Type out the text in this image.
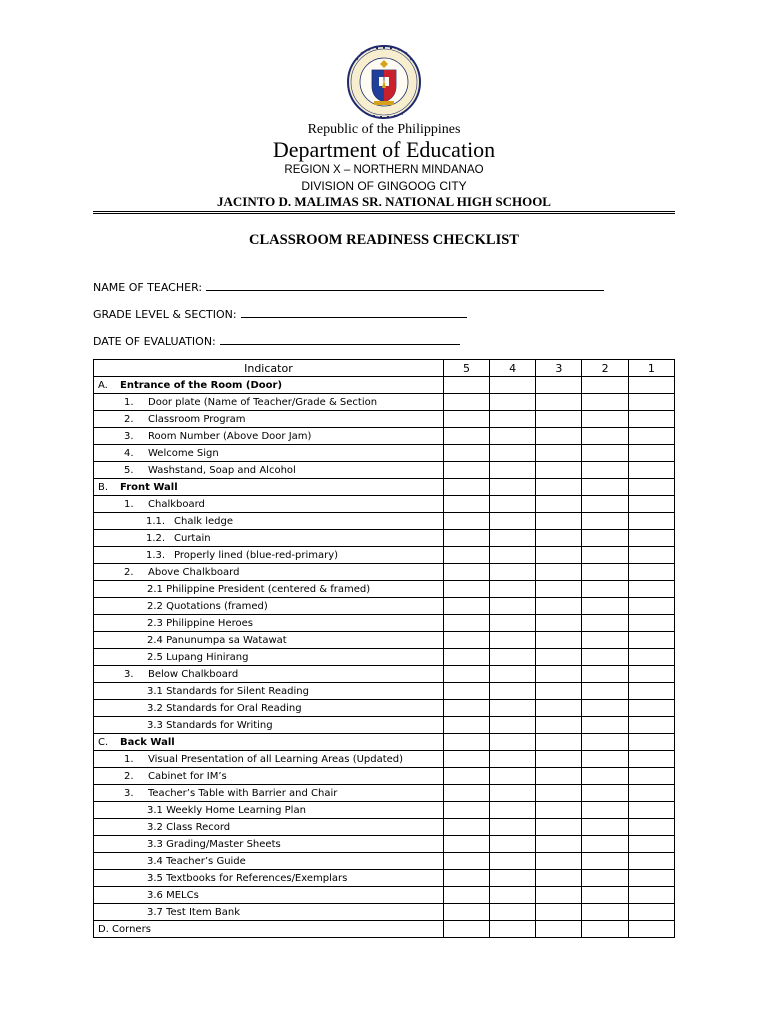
Republic of the Philippines
Department of Education
REGION X – NORTHERN MINDANAO
DIVISION OF GINGOOG CITY
JACINTO D. MALIMAS SR. NATIONAL HIGH SCHOOL
CLASSROOM READINESS CHECKLIST
NAME OF TEACHER:
GRADE LEVEL & SECTION:
DATE OF EVALUATION:
Indicator	5	4	3	2	1
A. Entrance of the Room (Door)					
1. Door plate (Name of Teacher/Grade & Section					
2. Classroom Program					
3. Room Number (Above Door Jam)					
4. Welcome Sign					
5. Washstand, Soap and Alcohol					
B. Front Wall					
1. Chalkboard					
1.1. Chalk ledge					
1.2. Curtain					
1.3. Properly lined (blue-red-primary)					
2. Above Chalkboard					
2.1 Philippine President (centered & framed)					
2.2 Quotations (framed)					
2.3 Philippine Heroes					
2.4 Panunumpa sa Watawat					
2.5 Lupang Hinirang					
3. Below Chalkboard					
3.1 Standards for Silent Reading					
3.2 Standards for Oral Reading					
3.3 Standards for Writing					
C. Back Wall					
1. Visual Presentation of all Learning Areas (Updated)					
2. Cabinet for IM’s					
3. Teacher’s Table with Barrier and Chair					
3.1 Weekly Home Learning Plan					
3.2 Class Record					
3.3 Grading/Master Sheets					
3.4 Teacher’s Guide					
3.5 Textbooks for References/Exemplars					
3.6 MELCs					
3.7 Test Item Bank					
D. Corners					
